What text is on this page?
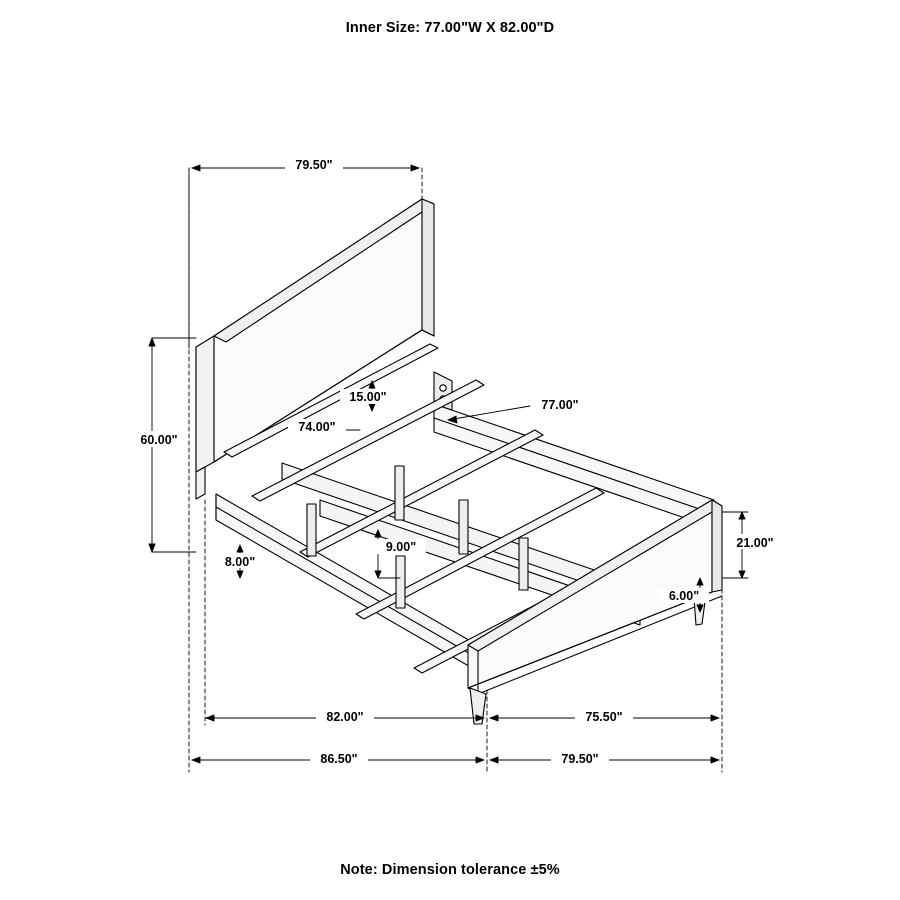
Inner Size: 77.00"W X 82.00"D
79.50"
60.00"
15.00"
74.00"
77.00"
8.00"
9.00"	21.00"
6.00"
82.00"	75.50"
86.50"	79.50"
Note: Dimension tolerance ±5%
